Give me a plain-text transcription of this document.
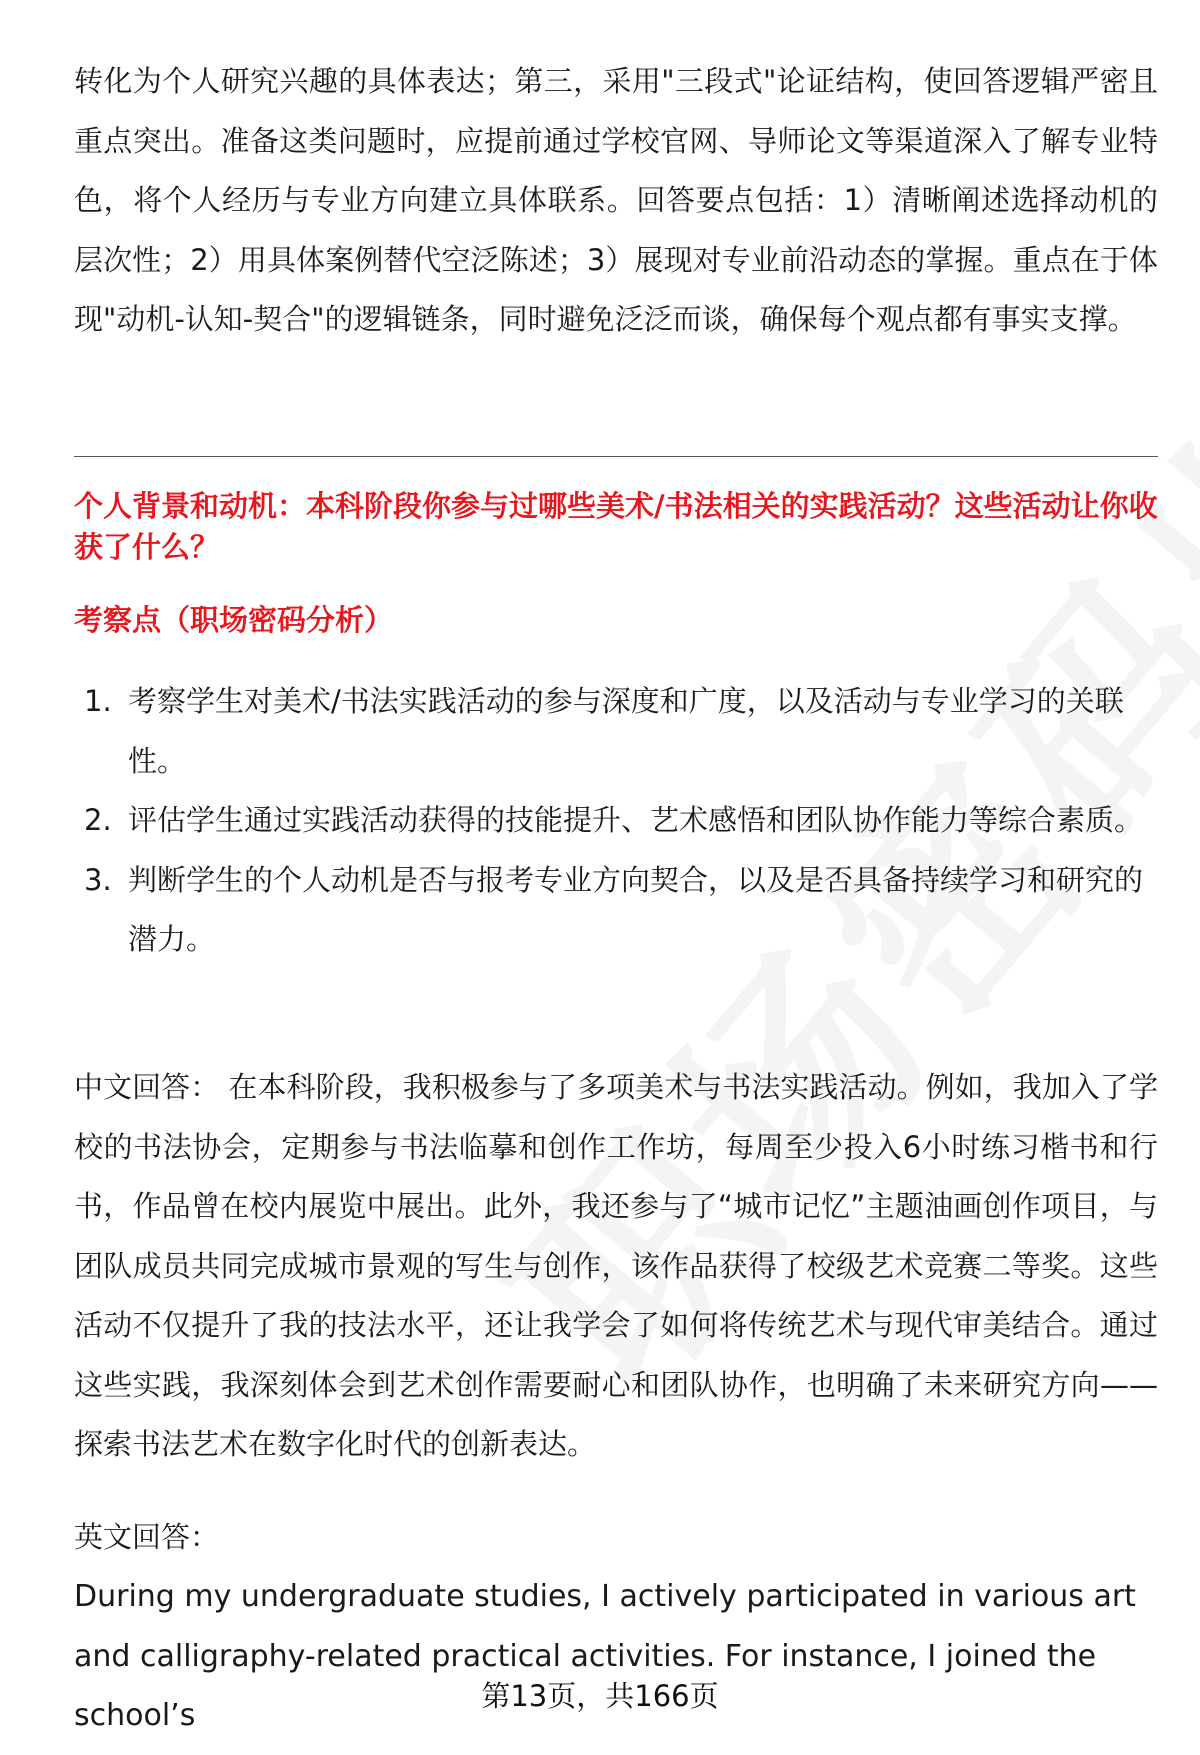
转化为个人研究兴趣的具体表达；第三，采用"三段式"论证结构，使回答逻辑严密且重点突出。准备这类问题时，应提前通过学校官网、导师论文等渠道深入了解专业特色，将个人经历与专业方向建立具体联系。回答要点包括：1）清晰阐述选择动机的层次性；2）用具体案例替代空泛陈述；3）展现对专业前沿动态的掌握。重点在于体现"动机-认知-契合"的逻辑链条，同时避免泛泛而谈，确保每个观点都有事实支撑。

个人背景和动机：本科阶段你参与过哪些美术/书法相关的实践活动？这些活动让你收获了什么？

考察点（职场密码分析）

1. 考察学生对美术/书法实践活动的参与深度和广度，以及活动与专业学习的关联性。
2. 评估学生通过实践活动获得的技能提升、艺术感悟和团队协作能力等综合素质。
3. 判断学生的个人动机是否与报考专业方向契合，以及是否具备持续学习和研究的潜力。

中文回答： 在本科阶段，我积极参与了多项美术与书法实践活动。例如，我加入了学校的书法协会，定期参与书法临摹和创作工作坊，每周至少投入6小时练习楷书和行书，作品曾在校内展览中展出。此外，我还参与了“城市记忆”主题油画创作项目，与团队成员共同完成城市景观的写生与创作，该作品获得了校级艺术竞赛二等奖。这些活动不仅提升了我的技法水平，还让我学会了如何将传统艺术与现代审美结合。通过这些实践，我深刻体会到艺术创作需要耐心和团队协作，也明确了未来研究方向——探索书法艺术在数字化时代的创新表达。

英文回答：

During my undergraduate studies, I actively participated in various art and calligraphy-related practical activities. For instance, I joined the school’s

第13页，共166页
